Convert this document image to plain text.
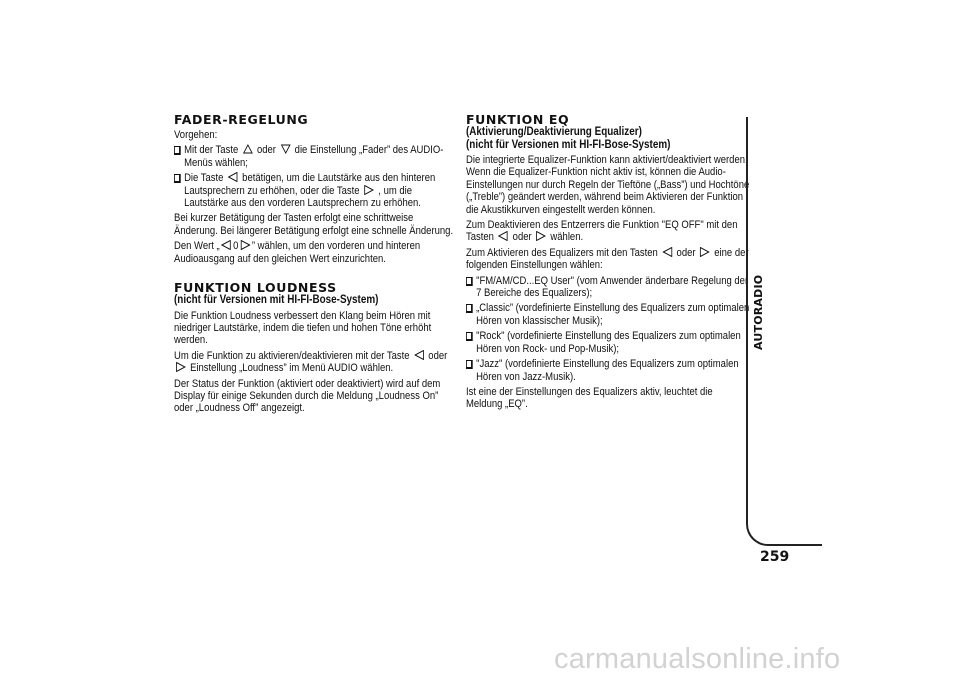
FADER-REGELUNG

Vorgehen:

Mit der Taste oder die Einstellung „Fader” des AUDIO-Menüs wählen;
Die Taste betätigen, um die Lautstärke aus den hinteren Lautsprechern zu erhöhen, oder die Taste , um die Lautstärke aus den vorderen Lautsprechern zu erhöhen.

Bei kurzer Betätigung der Tasten erfolgt eine schrittweise Änderung. Bei längerer Betätigung erfolgt eine schnelle Änderung.

Den Wert „ 0 ” wählen, um den vorderen und hinteren Audioausgang auf den gleichen Wert einzurichten.

FUNKTION LOUDNESS
(nicht für Versionen mit HI-FI-Bose-System)

Die Funktion Loudness verbessert den Klang beim Hören mit niedriger Lautstärke, indem die tiefen und hohen Töne erhöht werden.

Um die Funktion zu aktivieren/deaktivieren mit der Taste oder
Einstellung „Loudness” im Menü AUDIO wählen.

Der Status der Funktion (aktiviert oder deaktiviert) wird auf dem Display für einige Sekunden durch die Meldung „Loudness On” oder „Loudness Off” angezeigt.

FUNKTION EQ
(Aktivierung/Deaktivierung Equalizer)
(nicht für Versionen mit HI-FI-Bose-System)

Die integrierte Equalizer-Funktion kann aktiviert/deaktiviert werden. Wenn die Equalizer-Funktion nicht aktiv ist, können die Audio-Einstellungen nur durch Regeln der Tieftöne („Bass”) und Hochtöne („Treble”) geändert werden, während beim Aktivieren der Funktion die Akustikkurven eingestellt werden können.

Zum Deaktivieren des Entzerrers die Funktion "EQ OFF" mit den Tasten oder wählen.

Zum Aktivieren des Equalizers mit den Tasten oder eine der folgenden Einstellungen wählen:

"FM/AM/CD...EQ User" (vom Anwender änderbare Regelung der 7 Bereiche des Equalizers);
„Classic” (vordefinierte Einstellung des Equalizers zum optimalen Hören von klassischer Musik);
"Rock" (vordefinierte Einstellung des Equalizers zum optimalen Hören von Rock- und Pop-Musik);
"Jazz" (vordefinierte Einstellung des Equalizers zum optimalen Hören von Jazz-Musik).

Ist eine der Einstellungen des Equalizers aktiv, leuchtet die Meldung „EQ”.

AUTORADIO
259
carmanualsonline.info
